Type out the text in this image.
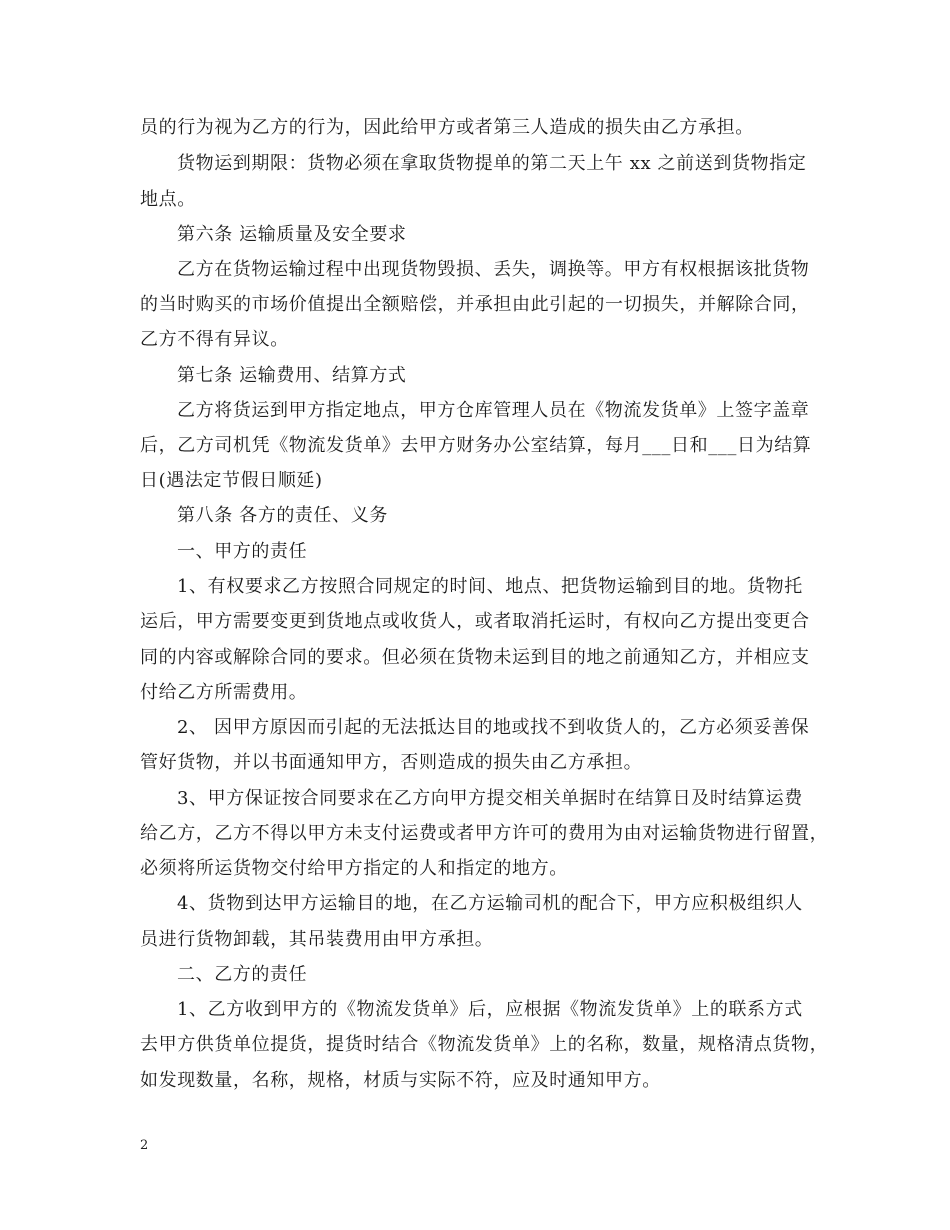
员的行为视为乙方的行为，因此给甲方或者第三人造成的损失由乙方承担。
货物运到期限：货物必须在拿取货物提单的第二天上午 xx 之前送到货物指定
地点。
第六条 运输质量及安全要求
乙方在货物运输过程中出现货物毁损、丢失，调换等。甲方有权根据该批货物
的当时购买的市场价值提出全额赔偿，并承担由此引起的一切损失，并解除合同，
乙方不得有异议。
第七条 运输费用、结算方式
乙方将货运到甲方指定地点，甲方仓库管理人员在《物流发货单》上签字盖章
后，乙方司机凭《物流发货单》去甲方财务办公室结算，每月___日和___日为结算
日(遇法定节假日顺延)
第八条 各方的责任、义务
一、甲方的责任
1、有权要求乙方按照合同规定的时间、地点、把货物运输到目的地。货物托
运后，甲方需要变更到货地点或收货人，或者取消托运时，有权向乙方提出变更合
同的内容或解除合同的要求。但必须在货物未运到目的地之前通知乙方，并相应支
付给乙方所需费用。
2、 因甲方原因而引起的无法抵达目的地或找不到收货人的，乙方必须妥善保
管好货物，并以书面通知甲方，否则造成的损失由乙方承担。
3、甲方保证按合同要求在乙方向甲方提交相关单据时在结算日及时结算运费
给乙方，乙方不得以甲方未支付运费或者甲方许可的费用为由对运输货物进行留置，
必须将所运货物交付给甲方指定的人和指定的地方。
4、货物到达甲方运输目的地，在乙方运输司机的配合下，甲方应积极组织人
员进行货物卸载，其吊装费用由甲方承担。
二、乙方的责任
1、乙方收到甲方的《物流发货单》后，应根据《物流发货单》上的联系方式
去甲方供货单位提货，提货时结合《物流发货单》上的名称，数量，规格清点货物，
如发现数量，名称，规格，材质与实际不符，应及时通知甲方。
2
